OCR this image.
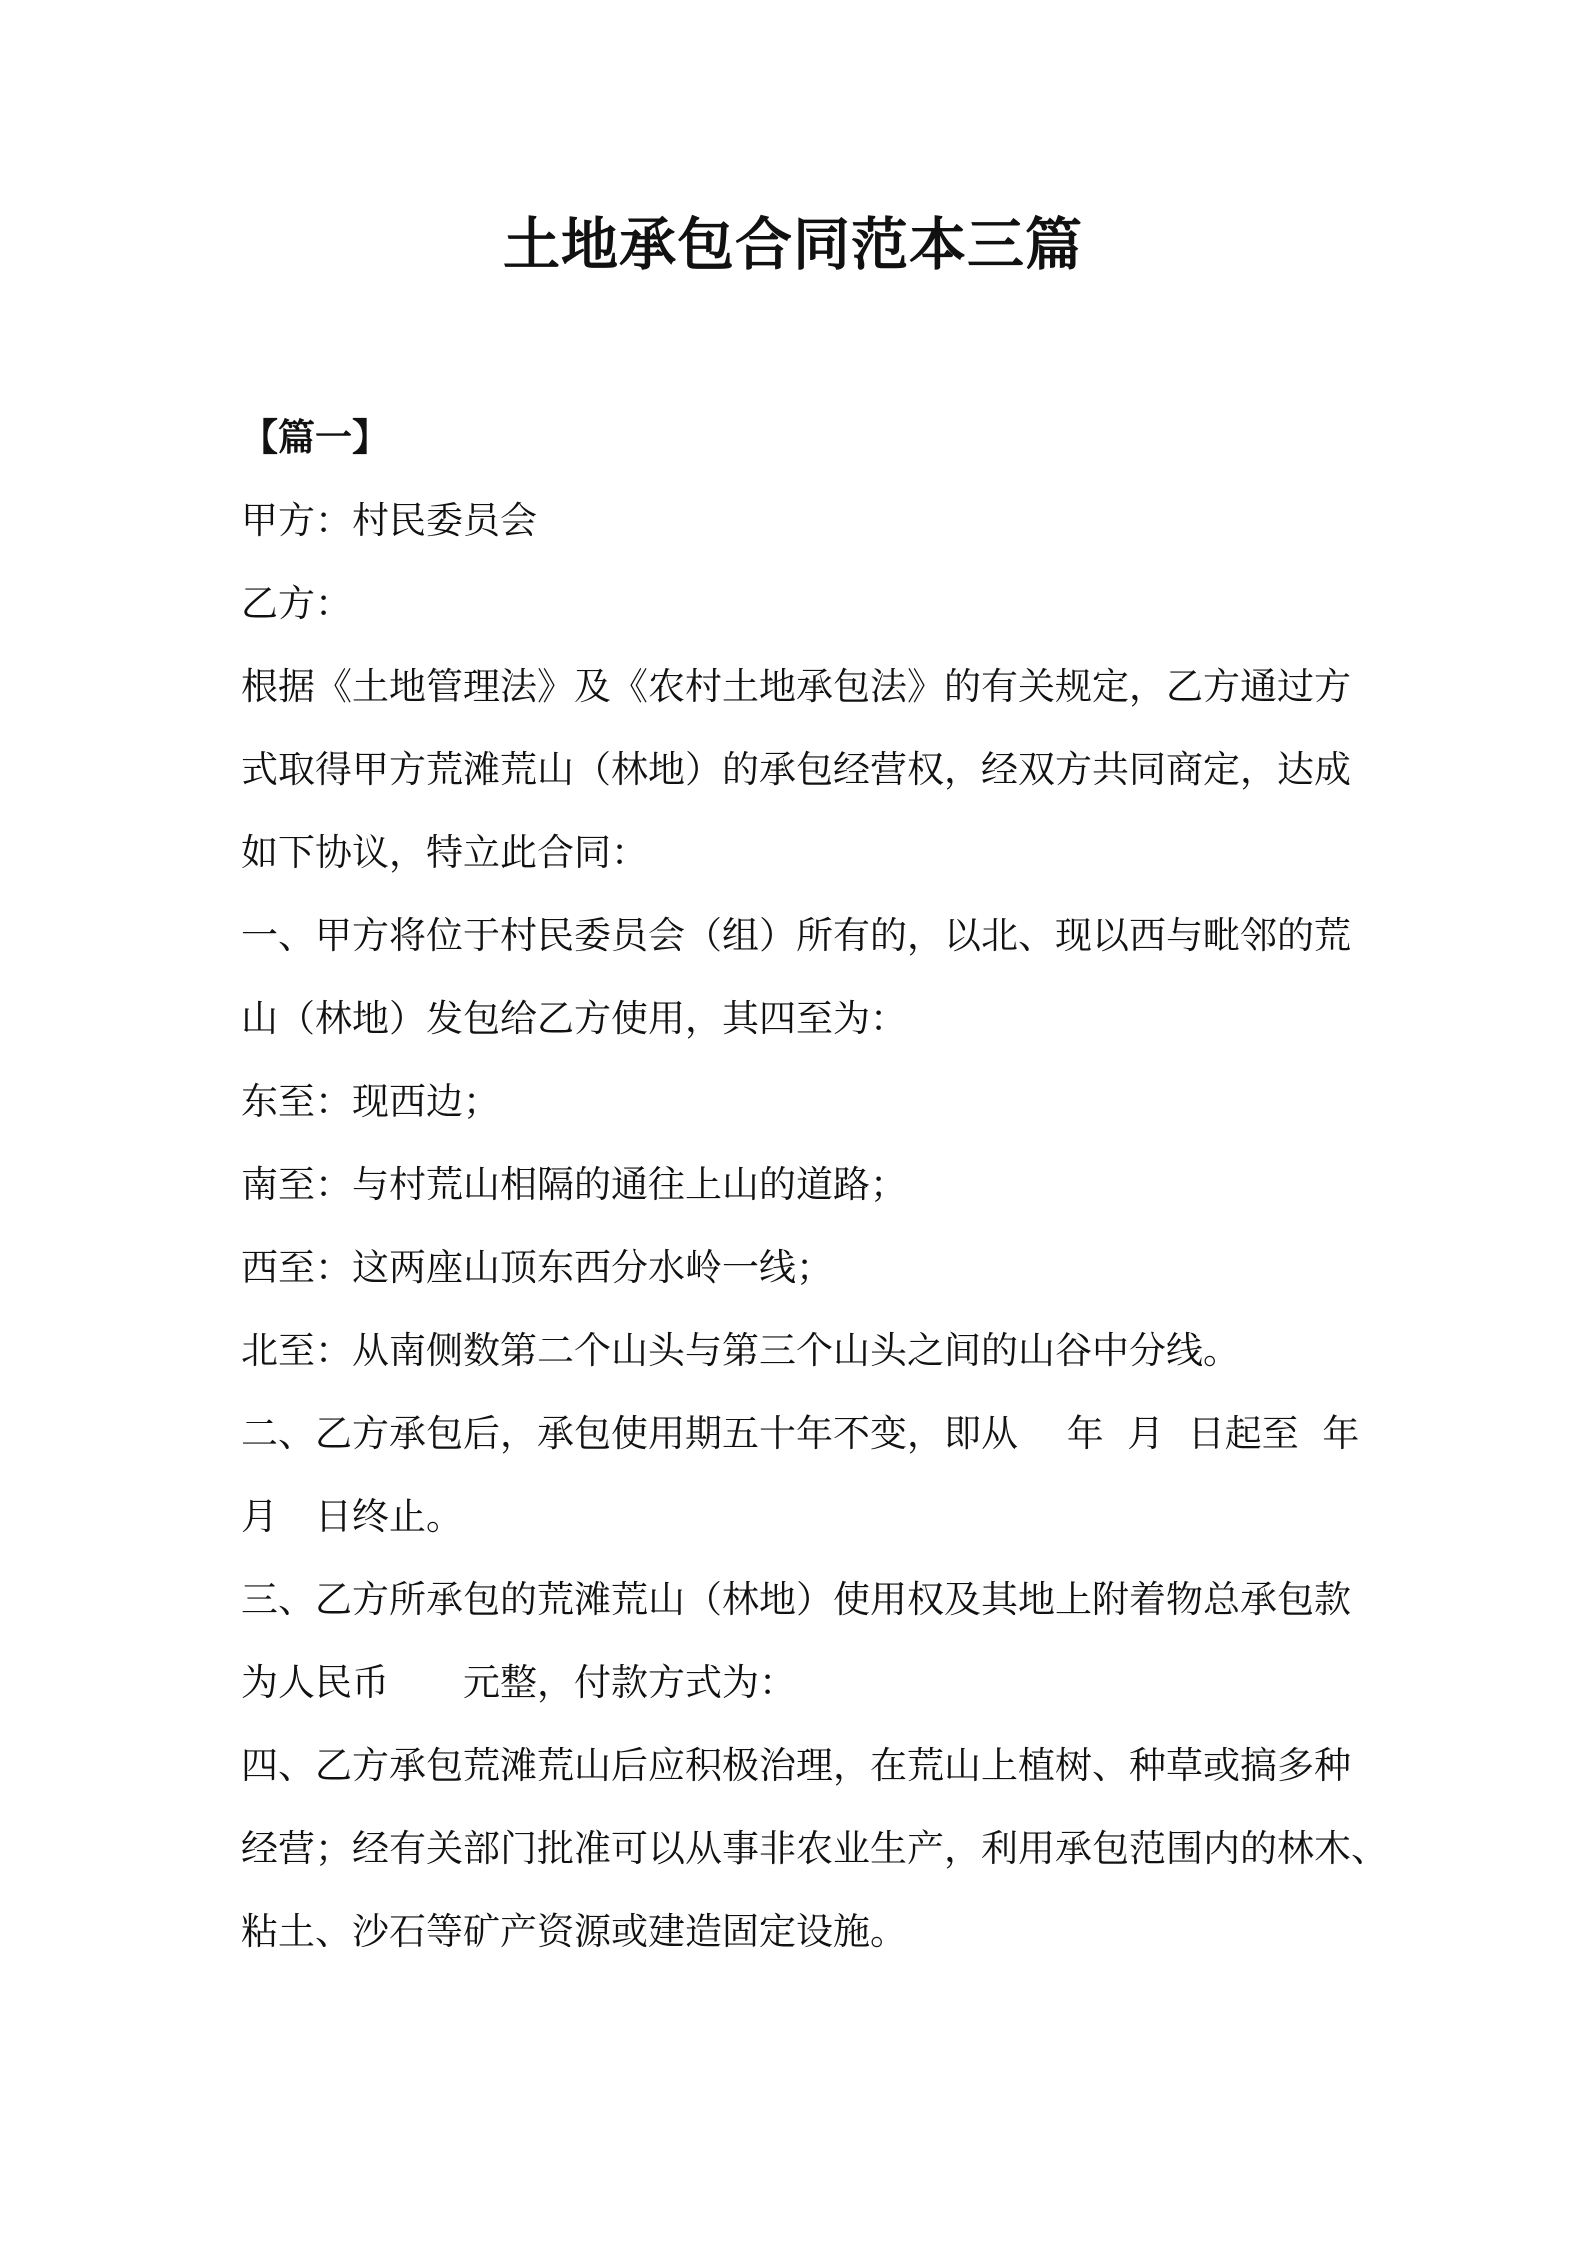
土地承包合同范本三篇

【篇一】

甲方：村民委员会

乙方：

根据《土地管理法》及《农村土地承包法》的有关规定，乙方通过方

式取得甲方荒滩荒山（林地）的承包经营权，经双方共同商定，达成

如下协议，特立此合同：

一、甲方将位于村民委员会（组）所有的，以北、现以西与毗邻的荒

山（林地）发包给乙方使用，其四至为：

东至：现西边；

南至：与村荒山相隔的通往上山的道路；

西至：这两座山顶东西分水岭一线；

北至：从南侧数第二个山头与第三个山头之间的山谷中分线。

二、乙方承包后，承包使用期五十年不变，即从　 年  月  日起至  年

月　日终止。

三、乙方所承包的荒滩荒山（林地）使用权及其地上附着物总承包款

为人民币　　元整，付款方式为：

四、乙方承包荒滩荒山后应积极治理，在荒山上植树、种草或搞多种

经营；经有关部门批准可以从事非农业生产，利用承包范围内的林木、

粘土、沙石等矿产资源或建造固定设施。
